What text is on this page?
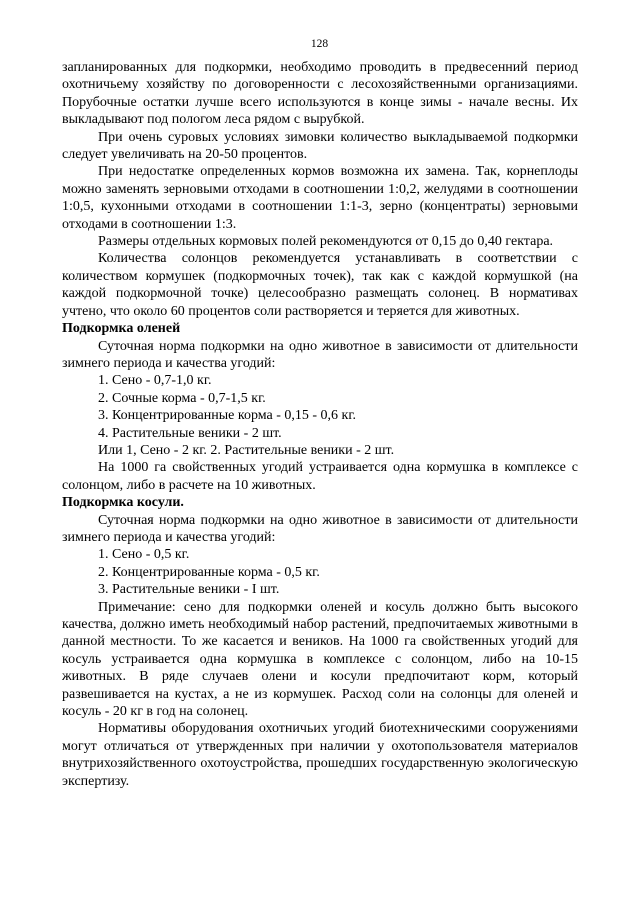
128

запланированных для подкормки, необходимо проводить в предвесенний период охотничьему хозяйству по договоренности с лесохозяйственными организациями. Порубочные остатки лучше всего используются в конце зимы - начале весны. Их выкладывают под пологом леса рядом с вырубкой.

При очень суровых условиях зимовки количество выкладываемой подкормки следует увеличивать на 20-50 процентов.

При недостатке определенных кормов возможна их замена. Так, корнеплоды можно заменять зерновыми отходами в соотношении 1:0,2, желудями в соотношении 1:0,5, кухонными отходами в соотношении 1:1-3, зерно (концентраты) зерновыми отходами в соотношении 1:3.

Размеры отдельных кормовых полей рекомендуются от 0,15 до 0,40 гектара.

Количества солонцов рекомендуется устанавливать в соответствии с количеством кормушек (подкормочных точек), так как с каждой кормушкой (на каждой подкормочной точке) целесообразно размещать солонец. В нормативах учтено, что около 60 процентов соли растворяется и теряется для животных.

Подкормка оленей

Суточная норма подкормки на одно животное в зависимости от длительности зимнего периода и качества угодий:

1. Сено - 0,7-1,0 кг.

2. Сочные корма - 0,7-1,5 кг.

3. Концентрированные корма - 0,15 - 0,6 кг.

4. Растительные веники - 2 шт.

Или 1, Сено - 2 кг. 2. Растительные веники - 2 шт.

На 1000 га свойственных угодий устраивается одна кормушка в комплексе с солонцом, либо в расчете на 10 животных.

Подкормка косули.

Суточная норма подкормки на одно животное в зависимости от длительности зимнего периода и качества угодий:

1. Сено - 0,5 кг.

2. Концентрированные корма - 0,5 кг.

3. Растительные веники - I шт.

Примечание: сено для подкормки оленей и косуль должно быть высокого качества, должно иметь необходимый набор растений, предпочитаемых животными в данной местности. То же касается и веников. На 1000 га свойственных угодий для косуль устраивается одна кормушка в комплексе с солонцом, либо на 10-15 животных. В ряде случаев олени и косули предпочитают корм, который развешивается на кустах, а не из кормушек. Расход соли на солонцы для оленей и косуль - 20 кг в год на солонец.

Нормативы оборудования охотничьих угодий биотехническими сооружениями могут отличаться от утвержденных при наличии у охотопользователя материалов внутрихозяйственного охотоустройства, прошедших государственную экологическую экспертизу.
